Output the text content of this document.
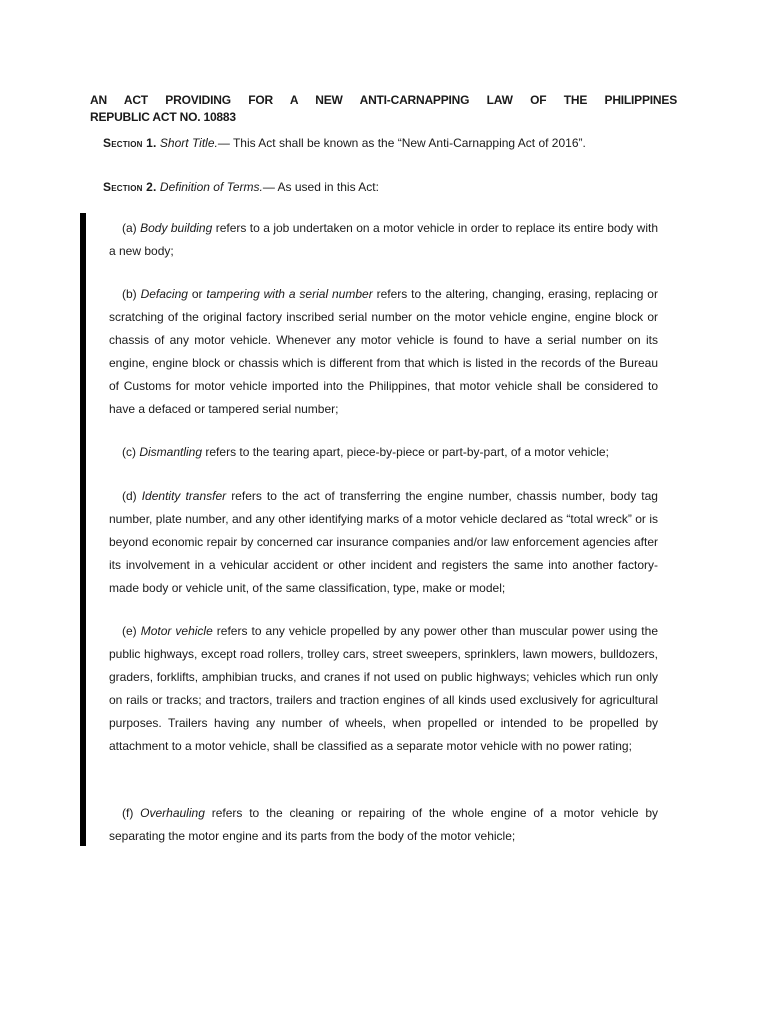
AN ACT PROVIDING FOR A NEW ANTI-CARNAPPING LAW OF THE PHILIPPINES
REPUBLIC ACT NO. 10883
Section 1. Short Title.— This Act shall be known as the “New Anti-Carnapping Act of 2016”.
Section 2. Definition of Terms.— As used in this Act:

(a) Body building refers to a job undertaken on a motor vehicle in order to replace its entire body with a new body;

(b) Defacing or tampering with a serial number refers to the altering, changing, erasing, replacing or scratching of the original factory inscribed serial number on the motor vehicle engine, engine block or chassis of any motor vehicle. Whenever any motor vehicle is found to have a serial number on its engine, engine block or chassis which is different from that which is listed in the records of the Bureau of Customs for motor vehicle imported into the Philippines, that motor vehicle shall be considered to have a defaced or tampered serial number;

(c) Dismantling refers to the tearing apart, piece-by-piece or part-by-part, of a motor vehicle;

(d) Identity transfer refers to the act of transferring the engine number, chassis number, body tag number, plate number, and any other identifying marks of a motor vehicle declared as “total wreck” or is beyond economic repair by concerned car insurance companies and/or law enforcement agencies after its involvement in a vehicular accident or other incident and registers the same into another factory-made body or vehicle unit, of the same classification, type, make or model;

(e) Motor vehicle refers to any vehicle propelled by any power other than muscular power using the public highways, except road rollers, trolley cars, street sweepers, sprinklers, lawn mowers, bulldozers, graders, forklifts, amphibian trucks, and cranes if not used on public highways; vehicles which run only on rails or tracks; and tractors, trailers and traction engines of all kinds used exclusively for agricultural purposes. Trailers having any number of wheels, when propelled or intended to be propelled by attachment to a motor vehicle, shall be classified as a separate motor vehicle with no power rating;

(f) Overhauling refers to the cleaning or repairing of the whole engine of a motor vehicle by separating the motor engine and its parts from the body of the motor vehicle;
